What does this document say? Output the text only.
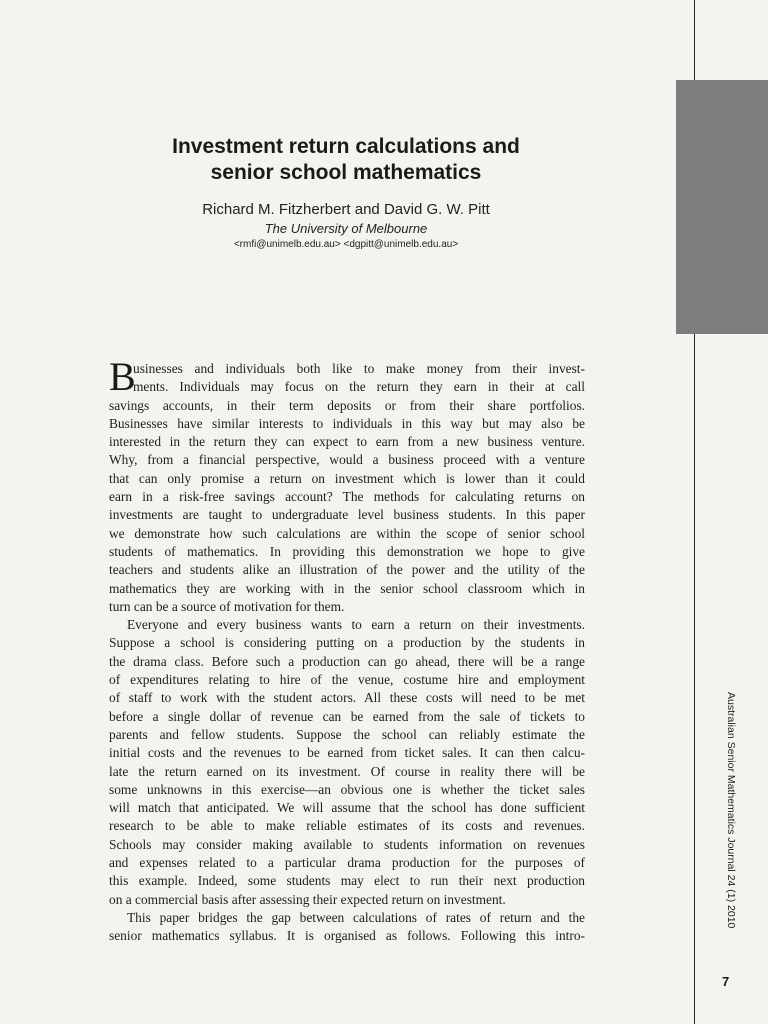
Investment return calculations and
senior school mathematics
Richard M. Fitzherbert and David G. W. Pitt
The University of Melbourne
<rmfi@unimelb.edu.au> <dgpitt@unimelb.edu.au>
B
usinesses and individuals both like to make money from their invest-
ments. Individuals may focus on the return they earn in their at call
savings accounts, in their term deposits or from their share portfolios.
Businesses have similar interests to individuals in this way but may also be
interested in the return they can expect to earn from a new business venture.
Why, from a financial perspective, would a business proceed with a venture
that can only promise a return on investment which is lower than it could
earn in a risk-free savings account? The methods for calculating returns on
investments are taught to undergraduate level business students. In this paper
we demonstrate how such calculations are within the scope of senior school
students of mathematics. In providing this demonstration we hope to give
teachers and students alike an illustration of the power and the utility of the
mathematics they are working with in the senior school classroom which in
turn can be a source of motivation for them.
Everyone and every business wants to earn a return on their investments.
Suppose a school is considering putting on a production by the students in
the drama class. Before such a production can go ahead, there will be a range
of expenditures relating to hire of the venue, costume hire and employment
of staff to work with the student actors. All these costs will need to be met
before a single dollar of revenue can be earned from the sale of tickets to
parents and fellow students. Suppose the school can reliably estimate the
initial costs and the revenues to be earned from ticket sales. It can then calcu-
late the return earned on its investment. Of course in reality there will be
some unknowns in this exercise—an obvious one is whether the ticket sales
will match that anticipated. We will assume that the school has done sufficient
research to be able to make reliable estimates of its costs and revenues.
Schools may consider making available to students information on revenues
and expenses related to a particular drama production for the purposes of
this example. Indeed, some students may elect to run their next production
on a commercial basis after assessing their expected return on investment.
This paper bridges the gap between calculations of rates of return and the
senior mathematics syllabus. It is organised as follows. Following this intro-
Australian Senior Mathematics Journal 24 (1) 2010
7
